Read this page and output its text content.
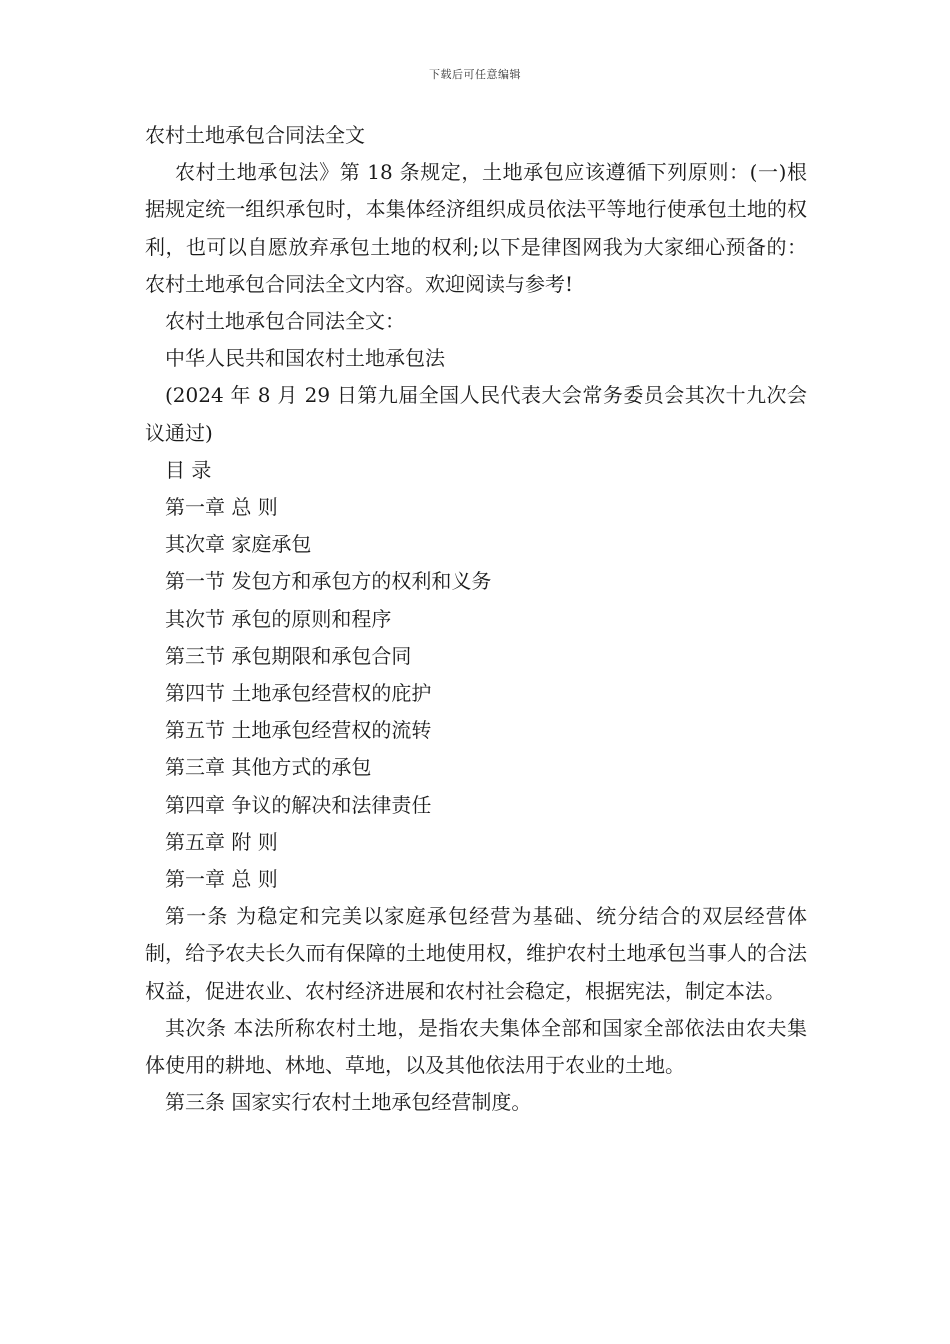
下载后可任意编辑

农村土地承包合同法全文

农村土地承包法》第 18 条规定，土地承包应该遵循下列原则：(一)根据规定统一组织承包时，本集体经济组织成员依法平等地行使承包土地的权利，也可以自愿放弃承包土地的权利;以下是律图网我为大家细心预备的：农村土地承包合同法全文内容。欢迎阅读与参考!

农村土地承包合同法全文：

中华人民共和国农村土地承包法

(2024 年 8 月 29 日第九届全国人民代表大会常务委员会其次十九次会议通过)

目 录

第一章 总 则

其次章 家庭承包

第一节 发包方和承包方的权利和义务

其次节 承包的原则和程序

第三节 承包期限和承包合同

第四节 土地承包经营权的庇护

第五节 土地承包经营权的流转

第三章 其他方式的承包

第四章 争议的解决和法律责任

第五章 附 则

第一章 总 则

第一条 为稳定和完美以家庭承包经营为基础、统分结合的双层经营体制，给予农夫长久而有保障的土地使用权，维护农村土地承包当事人的合法权益，促进农业、农村经济进展和农村社会稳定，根据宪法，制定本法。

其次条 本法所称农村土地，是指农夫集体全部和国家全部依法由农夫集体使用的耕地、林地、草地，以及其他依法用于农业的土地。

第三条 国家实行农村土地承包经营制度。
